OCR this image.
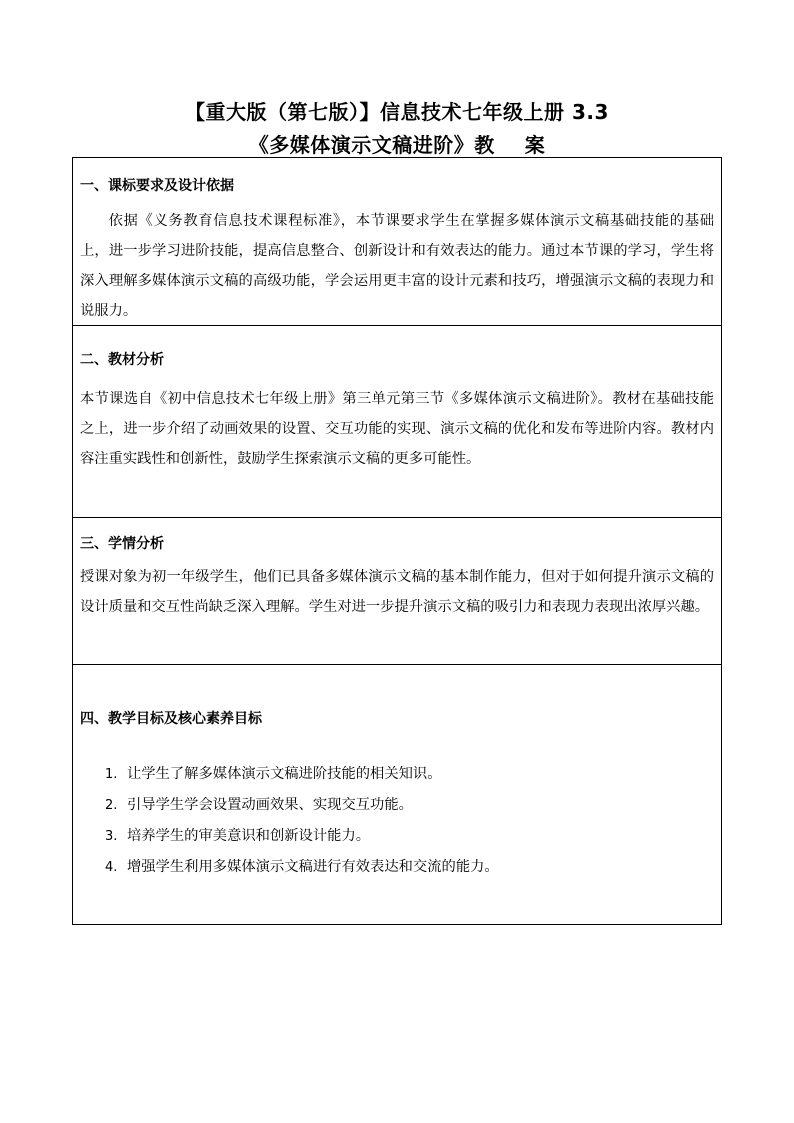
【重大版（第七版）】信息技术七年级上册 3.3
《多媒体演示文稿进阶》教 案

一、课标要求及设计依据

依据《义务教育信息技术课程标准》，本节课要求学生在掌握多媒体演示文稿基础技能的基础上，进一步学习进阶技能，提高信息整合、创新设计和有效表达的能力。通过本节课的学习，学生将深入理解多媒体演示文稿的高级功能，学会运用更丰富的设计元素和技巧，增强演示文稿的表现力和说服力。

二、教材分析

本节课选自《初中信息技术七年级上册》第三单元第三节《多媒体演示文稿进阶》。教材在基础技能之上，进一步介绍了动画效果的设置、交互功能的实现、演示文稿的优化和发布等进阶内容。教材内容注重实践性和创新性，鼓励学生探索演示文稿的更多可能性。

三、学情分析

授课对象为初一年级学生，他们已具备多媒体演示文稿的基本制作能力，但对于如何提升演示文稿的设计质量和交互性尚缺乏深入理解。学生对进一步提升演示文稿的吸引力和表现力表现出浓厚兴趣。

四、教学目标及核心素养目标

1. 让学生了解多媒体演示文稿进阶技能的相关知识。
2. 引导学生学会设置动画效果、实现交互功能。
3. 培养学生的审美意识和创新设计能力。
4. 增强学生利用多媒体演示文稿进行有效表达和交流的能力。
